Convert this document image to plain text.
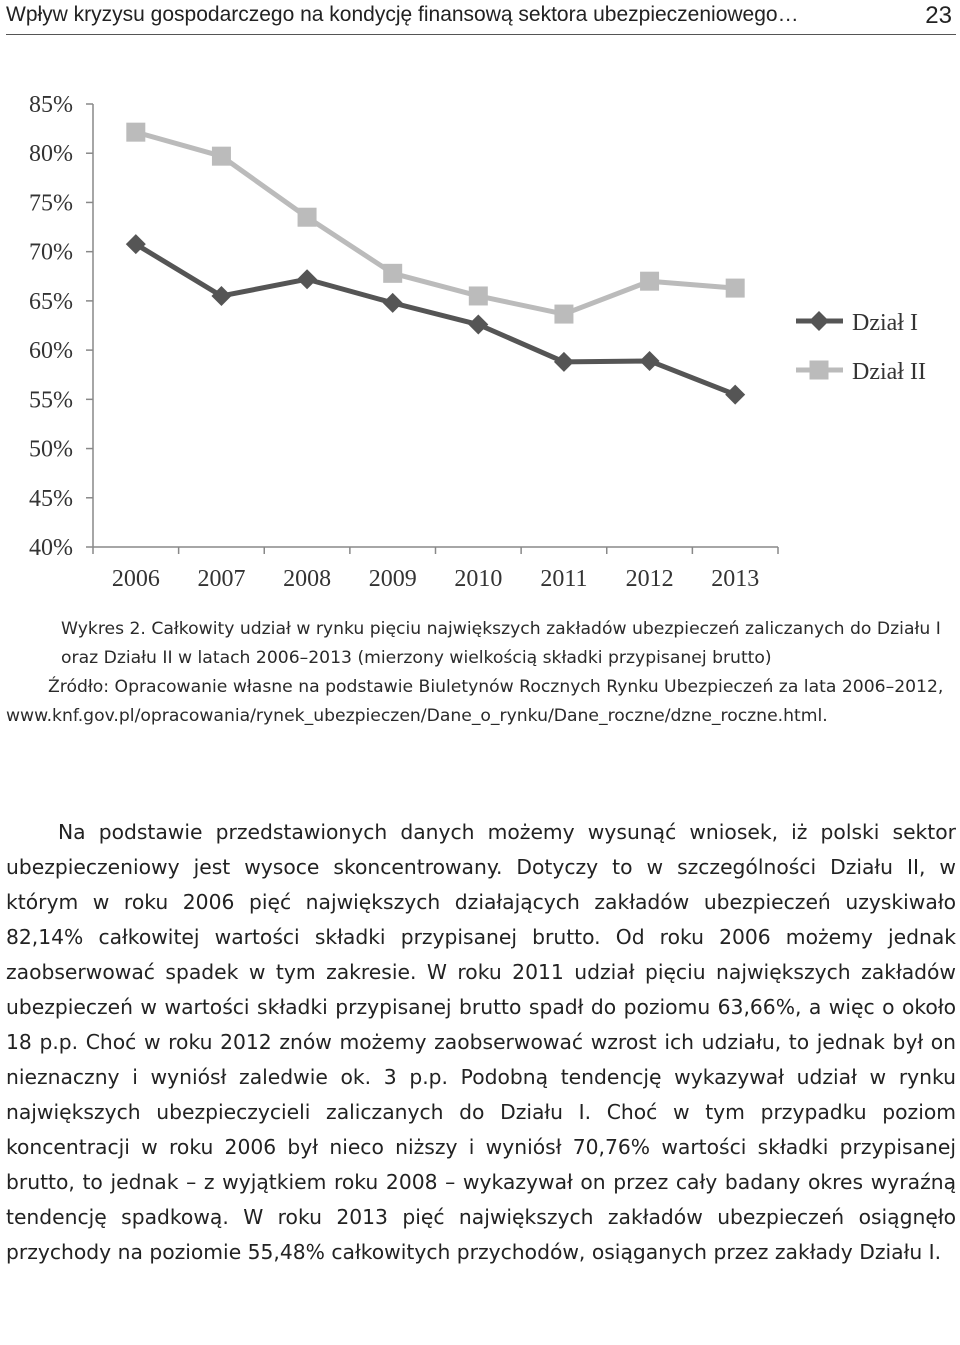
Wpływ kryzysu gospodarczego na kondycję finansową sektora ubezpieczeniowego…	23
40%
45%
50%
55%
60%
65%
70%
75%
80%
85%
2006 2007 2008 2009 2010 2011 2012 2013
Dział I
Dział II

Wykres 2. Całkowity udział w rynku pięciu największych zakładów ubezpieczeń zaliczanych do Działu I oraz Działu II w latach 2006–2013 (mierzony wielkością składki przypisanej brutto)

Źródło: Opracowanie własne na podstawie Biuletynów Rocznych Rynku Ubezpieczeń za lata 2006–2012, www.knf.gov.pl/opracowania/rynek_ubezpieczen/Dane_o_rynku/Dane_roczne/dzne_roczne.html.

Na podstawie przedstawionych danych możemy wysunąć wniosek, iż polski sektor ubezpieczeniowy jest wysoce skoncentrowany. Dotyczy to w szczególności Działu II, w którym w roku 2006 pięć największych działających zakładów ubezpieczeń uzyskiwało 82,14% całkowitej wartości składki przypisanej brutto. Od roku 2006 możemy jednak zaobserwować spadek w tym zakresie. W roku 2011 udział pięciu największych zakładów ubezpieczeń w wartości składki przypisanej brutto spadł do poziomu 63,66%, a więc o około 18 p.p. Choć w roku 2012 znów możemy zaobserwować wzrost ich udziału, to jednak był on nieznaczny i wyniósł zaledwie ok. 3 p.p. Podobną tendencję wykazywał udział w rynku największych ubezpieczycieli zaliczanych do Działu I. Choć w tym przypadku poziom koncentracji w roku 2006 był nieco niższy i wyniósł 70,76% wartości składki przypisanej brutto, to jednak – z wyjątkiem roku 2008 – wykazywał on przez cały badany okres wyraźną tendencję spadkową. W roku 2013 pięć największych zakładów ubezpieczeń osiągnęło przychody na poziomie 55,48% całkowitych przychodów, osiąganych przez zakłady Działu I.
